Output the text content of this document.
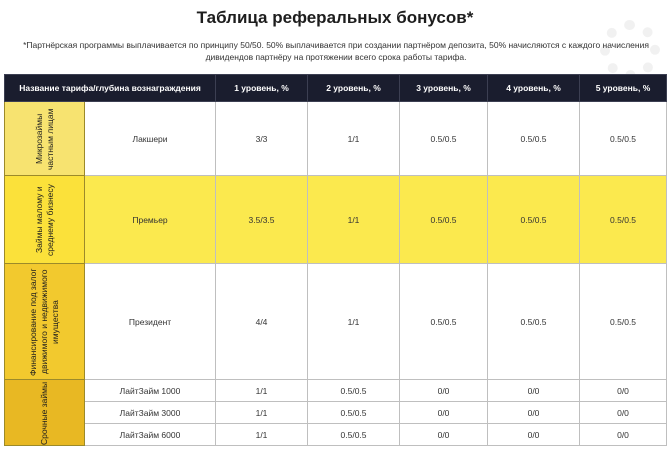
Таблица реферальных бонусов*
*Партнёрская программы выплачивается по принципу 50/50. 50% выплачивается при создании партнёром депозита, 50% начисляются с каждого начисления дивидендов партнёру на протяжении всего срока работы тарифа.
Название тарифа/глубина вознаграждения		1 уровень, %	2 уровень, %	3 уровень, %	4 уровень, %	5 уровень, %

Микрозаймы частным лицам	Лакшери	3/3	1/1	0.5/0.5	0.5/0.5	0.5/0.5

Займы малому и среднему бизнесу	Премьер	3.5/3.5	1/1	0.5/0.5	0.5/0.5	0.5/0.5

Финансирование под залог движимого и недвижимого имущества	Президент	4/4	1/1	0.5/0.5	0.5/0.5	0.5/0.5

Срочные займы	ЛайтЗайм 1000	1/1	0.5/0.5	0/0	0/0	0/0
	ЛайтЗайм 3000	1/1	0.5/0.5	0/0	0/0	0/0
	ЛайтЗайм 6000	1/1	0.5/0.5	0/0	0/0	0/0
